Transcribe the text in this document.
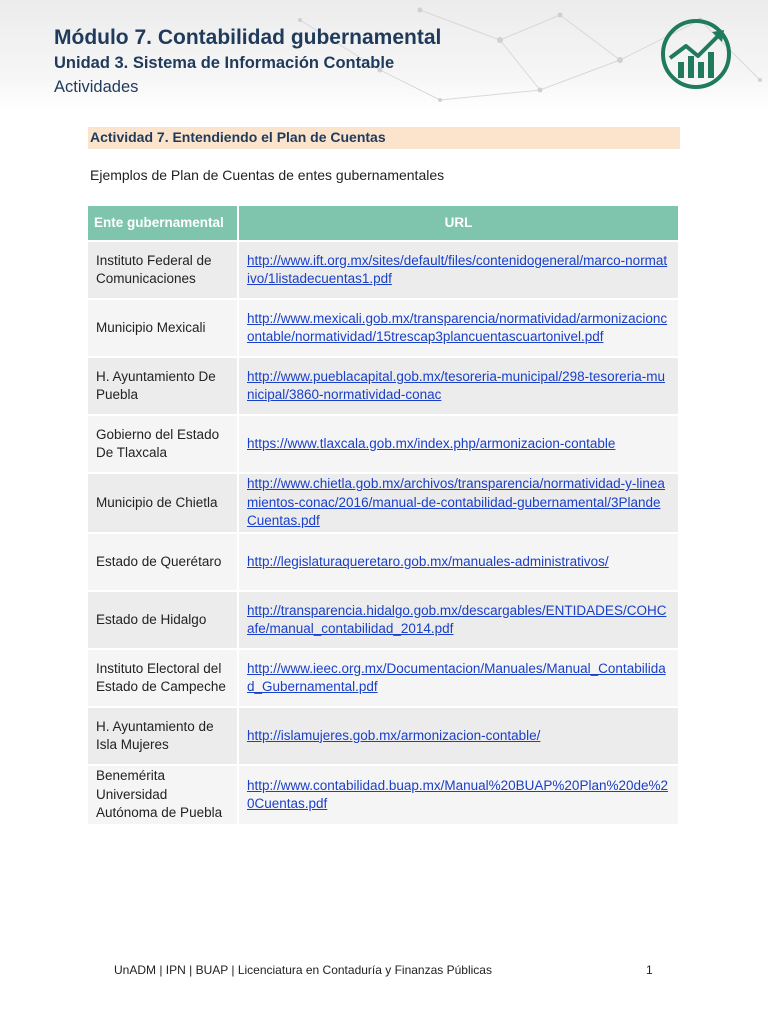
Módulo 7. Contabilidad gubernamental
Unidad 3. Sistema de Información Contable
Actividades
Actividad 7. Entendiendo el Plan de Cuentas
Ejemplos de Plan de Cuentas de entes gubernamentales
Ente gubernamental	URL
Instituto Federal de Comunicaciones	http://www.ift.org.mx/sites/default/files/contenidogeneral/marco-normativo/1listadecuentas1.pdf
Municipio Mexicali	http://www.mexicali.gob.mx/transparencia/normatividad/armonizacioncontable/normatividad/15trescap3plancuentascuartonivel.pdf
H. Ayuntamiento De Puebla	http://www.pueblacapital.gob.mx/tesoreria-municipal/298-tesoreria-municipal/3860-normatividad-conac
Gobierno del Estado De Tlaxcala	https://www.tlaxcala.gob.mx/index.php/armonizacion-contable
Municipio de Chietla	http://www.chietla.gob.mx/archivos/transparencia/normatividad-y-lineamientos-conac/2016/manual-de-contabilidad-gubernamental/3PlandeCuentas.pdf
Estado de Querétaro	http://legislaturaqueretaro.gob.mx/manuales-administrativos/
Estado de Hidalgo	http://transparencia.hidalgo.gob.mx/descargables/ENTIDADES/COHCafe/manual_contabilidad_2014.pdf
Instituto Electoral del Estado de Campeche	http://www.ieec.org.mx/Documentacion/Manuales/Manual_Contabilidad_Gubernamental.pdf
H. Ayuntamiento de Isla Mujeres	http://islamujeres.gob.mx/armonizacion-contable/
Benemérita Universidad Autónoma de Puebla	http://www.contabilidad.buap.mx/Manual%20BUAP%20Plan%20de%20Cuentas.pdf
UnADM | IPN | BUAP | Licenciatura en Contaduría y Finanzas Públicas	1
